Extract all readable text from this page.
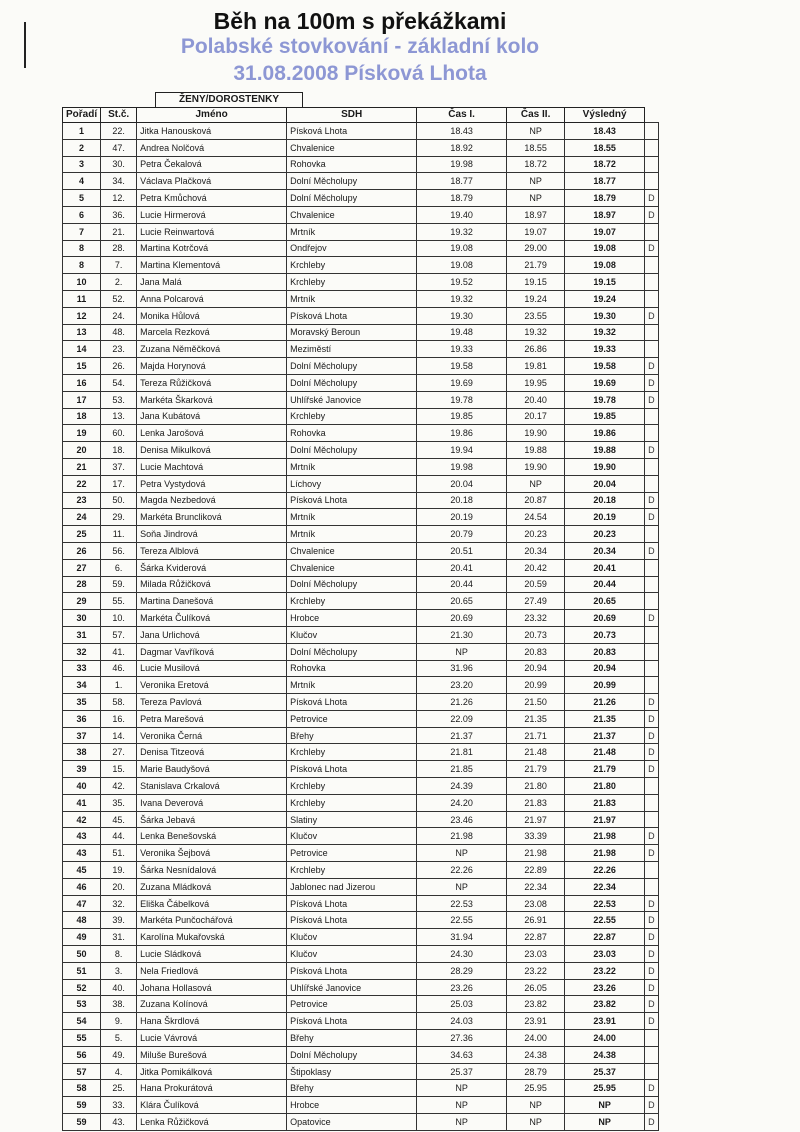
Běh na 100m s překážkami
Polabské stovkování - základní kolo
31.08.2008 Písková Lhota
ŽENY/DOROSTENKY
Pořadí	St.č.	Jméno	SDH	Čas I.	Čas II.	Výsledný	
1	22.	Jitka Hanousková	Písková Lhota	18.43	NP	18.43	
2	47.	Andrea Nolčová	Chvalenice	18.92	18.55	18.55	
3	30.	Petra Čekalová	Rohovka	19.98	18.72	18.72	
4	34.	Václava Plačková	Dolní Měcholupy	18.77	NP	18.77	
5	12.	Petra Kmůchová	Dolní Měcholupy	18.79	NP	18.79	D
6	36.	Lucie Hirmerová	Chvalenice	19.40	18.97	18.97	D
7	21.	Lucie Reinwartová	Mrtník	19.32	19.07	19.07	
8	28.	Martina Kotrčová	Ondřejov	19.08	29.00	19.08	D
8	7.	Martina Klementová	Krchleby	19.08	21.79	19.08	
10	2.	Jana Malá	Krchleby	19.52	19.15	19.15	
11	52.	Anna Polcarová	Mrtník	19.32	19.24	19.24	
12	24.	Monika Hůlová	Písková Lhota	19.30	23.55	19.30	D
13	48.	Marcela Rezková	Moravský Beroun	19.48	19.32	19.32	
14	23.	Zuzana Něměčková	Meziměstí	19.33	26.86	19.33	
15	26.	Majda Horynová	Dolní Měcholupy	19.58	19.81	19.58	D
16	54.	Tereza Růžičková	Dolní Měcholupy	19.69	19.95	19.69	D
17	53.	Markéta Škarková	Uhlířské Janovice	19.78	20.40	19.78	D
18	13.	Jana Kubátová	Krchleby	19.85	20.17	19.85	
19	60.	Lenka Jarošová	Rohovka	19.86	19.90	19.86	
20	18.	Denisa Mikulková	Dolní Měcholupy	19.94	19.88	19.88	D
21	37.	Lucie Machtová	Mrtník	19.98	19.90	19.90	
22	17.	Petra Vystydová	Líchovy	20.04	NP	20.04	
23	50.	Magda Nezbedová	Písková Lhota	20.18	20.87	20.18	D
24	29.	Markéta Bruncliková	Mrtník	20.19	24.54	20.19	D
25	11.	Soňa Jindrová	Mrtník	20.79	20.23	20.23	
26	56.	Tereza Alblová	Chvalenice	20.51	20.34	20.34	D
27	6.	Šárka Kviderová	Chvalenice	20.41	20.42	20.41	
28	59.	Milada Růžičková	Dolní Měcholupy	20.44	20.59	20.44	
29	55.	Martina Danešová	Krchleby	20.65	27.49	20.65	
30	10.	Markéta Čulíková	Hrobce	20.69	23.32	20.69	D
31	57.	Jana Urlichová	Klučov	21.30	20.73	20.73	
32	41.	Dagmar Vavříková	Dolní Měcholupy	NP	20.83	20.83	
33	46.	Lucie Musilová	Rohovka	31.96	20.94	20.94	
34	1.	Veronika Eretová	Mrtník	23.20	20.99	20.99	
35	58.	Tereza Pavlová	Písková Lhota	21.26	21.50	21.26	D
36	16.	Petra Marešová	Petrovice	22.09	21.35	21.35	D
37	14.	Veronika Černá	Břehy	21.37	21.71	21.37	D
38	27.	Denisa Titzeová	Krchleby	21.81	21.48	21.48	D
39	15.	Marie Baudyšová	Písková Lhota	21.85	21.79	21.79	D
40	42.	Stanislava Crkalová	Krchleby	24.39	21.80	21.80	
41	35.	Ivana Deverová	Krchleby	24.20	21.83	21.83	
42	45.	Šárka Jebavá	Slatiny	23.46	21.97	21.97	
43	44.	Lenka Benešovská	Klučov	21.98	33.39	21.98	D
43	51.	Veronika Šejbová	Petrovice	NP	21.98	21.98	D
45	19.	Šárka Nesnídalová	Krchleby	22.26	22.89	22.26	
46	20.	Zuzana Mládková	Jablonec nad Jizerou	NP	22.34	22.34	
47	32.	Eliška Čábelková	Písková Lhota	22.53	23.08	22.53	D
48	39.	Markéta Punčochářová	Písková Lhota	22.55	26.91	22.55	D
49	31.	Karolína Mukařovská	Klučov	31.94	22.87	22.87	D
50	8.	Lucie Sládková	Klučov	24.30	23.03	23.03	D
51	3.	Nela Friedlová	Písková Lhota	28.29	23.22	23.22	D
52	40.	Johana Hollasová	Uhlířské Janovice	23.26	26.05	23.26	D
53	38.	Zuzana Kolínová	Petrovice	25.03	23.82	23.82	D
54	9.	Hana Škrdlová	Písková Lhota	24.03	23.91	23.91	D
55	5.	Lucie Vávrová	Břehy	27.36	24.00	24.00	
56	49.	Miluše Burešová	Dolní Měcholupy	34.63	24.38	24.38	
57	4.	Jitka Pomikálková	Štipoklasy	25.37	28.79	25.37	
58	25.	Hana Prokurátová	Břehy	NP	25.95	25.95	D
59	33.	Klára Čulíková	Hrobce	NP	NP	NP	D
59	43.	Lenka Růžičková	Opatovice	NP	NP	NP	D
